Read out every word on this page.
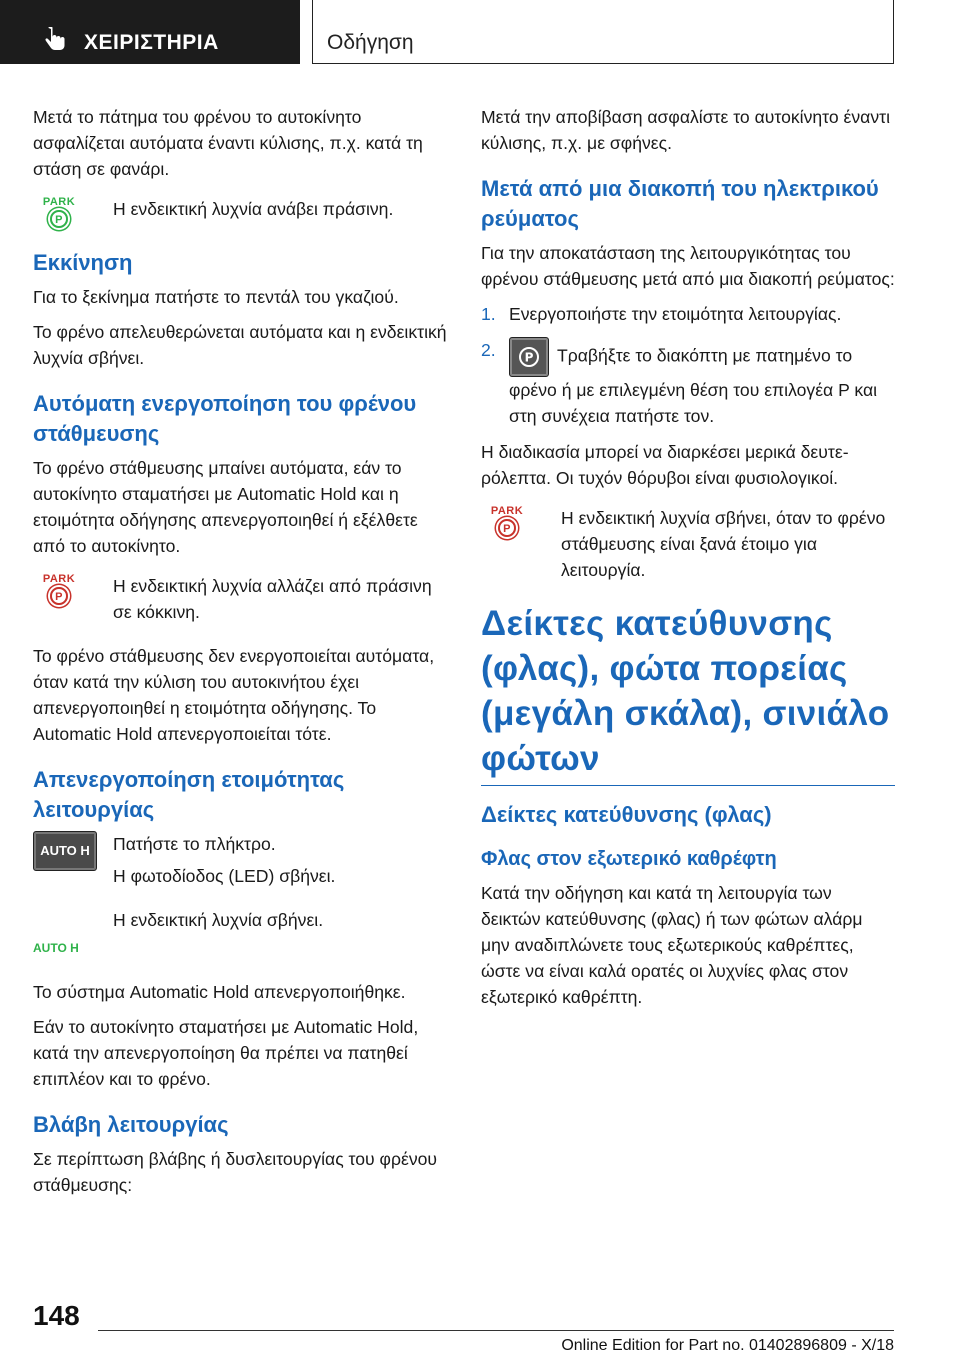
ΧΕΙΡΙΣΤΗΡΙΑ	Οδήγηση

Μετά το πάτημα του φρένου το αυτοκίνητο ασφαλίζεται αυτόματα έναντι κύλισης, π.χ. κατά τη στάση σε φανάρι.

PARK
P
Η ενδεικτική λυχνία ανάβει πράσινη.
Εκκίνηση

Για το ξεκίνημα πατήστε το πεντάλ του γκαζιού.

Το φρένο απελευθερώνεται αυτόματα και η ενδεικτική λυχνία σβήνει.

Αυτόματη ενεργοποίηση του φρένου στάθμευσης

Το φρένο στάθμευσης μπαίνει αυτόματα, εάν το αυτοκίνητο σταματήσει με Automatic Hold και η ετοιμότητα οδήγησης απενεργοποιηθεί ή εξέλθετε από το αυτοκίνητο.

PARK
P
Η ενδεικτική λυχνία αλλάζει από πράσινη σε κόκκινη.

Το φρένο στάθμευσης δεν ενεργοποιείται αυτόματα, όταν κατά την κύλιση του αυτοκινήτου έχει απενεργοποιηθεί η ετοιμότητα οδήγησης. Το Automatic Hold απενεργοποιείται τότε.

Απενεργοποίηση ετοιμότητας λειτουργίας
AUTO H	Πατήστε το πλήκτρο.
Η φωτοδίοδος (LED) σβήνει.
AUTO H
Η ενδεικτική λυχνία σβήνει.

Το σύστημα Automatic Hold απενεργοποιήθηκε.

Εάν το αυτοκίνητο σταματήσει με Automatic Hold, κατά την απενεργοποίηση θα πρέπει να πατηθεί επιπλέον και το φρένο.

Βλάβη λειτουργίας

Σε περίπτωση βλάβης ή δυσλειτουργίας του φρένου στάθμευσης:

Μετά την αποβίβαση ασφαλίστε το αυτοκίνητο έναντι κύλισης, π.χ. με σφήνες.

Μετά από μια διακοπή του ηλεκτρικού ρεύματος

Για την αποκατάσταση της λειτουργικότητας του φρένου στάθμευσης μετά από μια διακοπή ρεύματος:

1. Ενεργοποιήστε την ετοιμότητα λειτουργίας.
2.	P Τραβήξτε το διακόπτη με πατημένο το φρένο ή με επιλεγμένη θέση του επιλογέα P και στη συνέχεια πατήστε τον.

Η διαδικασία μπορεί να διαρκέσει μερικά δευτερόλεπτα. Οι τυχόν θόρυβοι είναι φυσιολογικοί.

PARK
P
Η ενδεικτική λυχνία σβήνει, όταν το φρένο στάθμευσης είναι ξανά έτοιμο για λειτουργία.
Δείκτες κατεύθυνσης (φλας), φώτα πορείας (μεγάλη σκάλα), σινιάλο φώτων
Δείκτες κατεύθυνσης (φλας)
Φλας στον εξωτερικό καθρέφτη

Κατά την οδήγηση και κατά τη λειτουργία των δεικτών κατεύθυνσης (φλας) ή των φώτων αλάρμ μην αναδιπλώνετε τους εξωτερικούς καθρέπτες, ώστε να είναι καλά ορατές οι λυχνίες φλας στον εξωτερικό καθρέπτη.

148
Online Edition for Part no. 01402896809 - X/18
